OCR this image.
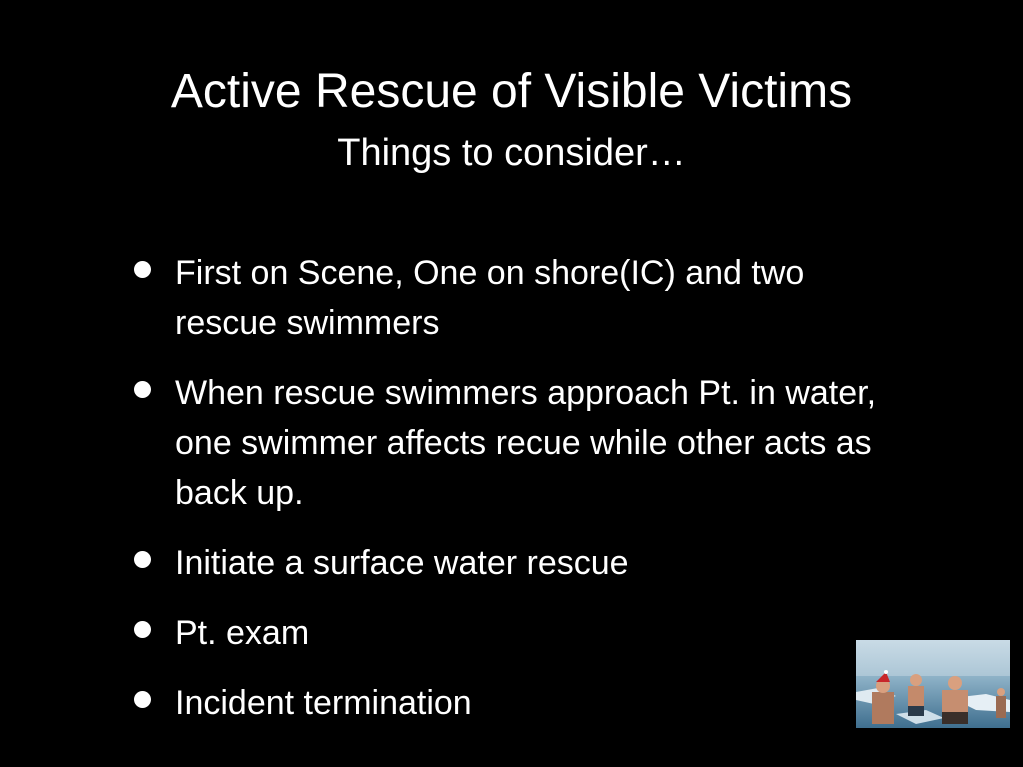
Active Rescue of Visible Victims
Things to consider…
First on Scene, One on shore(IC) and two rescue swimmers
When rescue swimmers approach Pt. in water, one swimmer affects recue while other acts as back up.
Initiate a surface water rescue
Pt. exam
Incident termination
